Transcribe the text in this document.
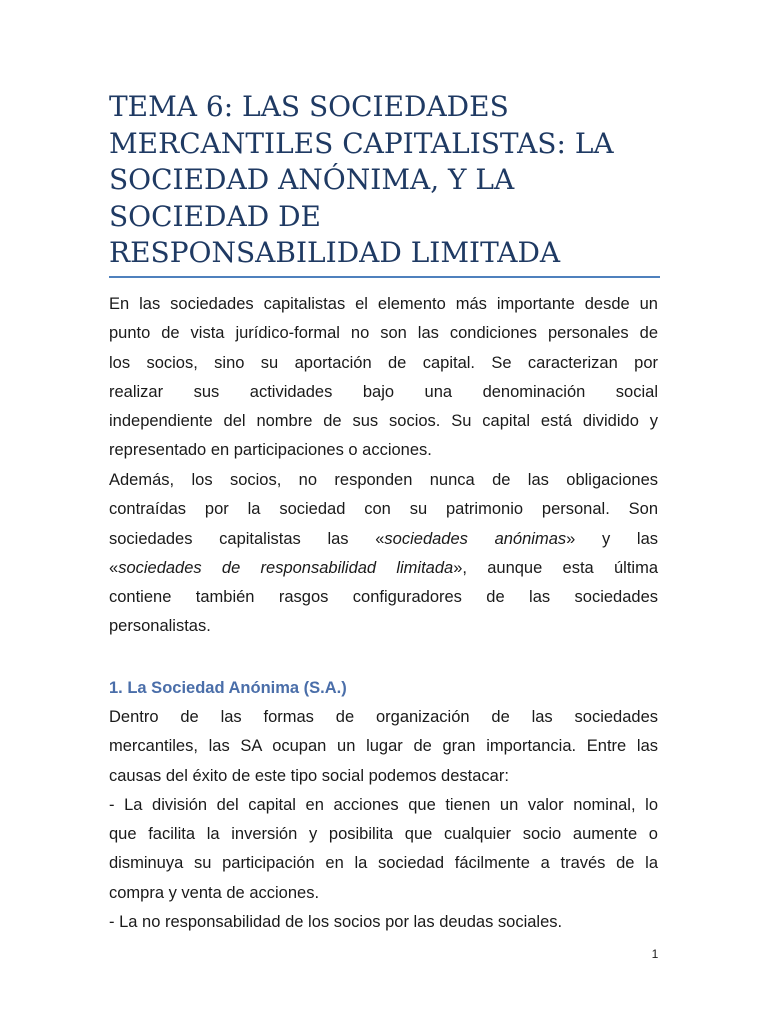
TEMA 6: LAS SOCIEDADES
MERCANTILES CAPITALISTAS: LA
SOCIEDAD ANÓNIMA, Y LA
SOCIEDAD DE
RESPONSABILIDAD LIMITADA
En las sociedades capitalistas el elemento más importante desde un
punto de vista jurídico-formal no son las condiciones personales de
los socios, sino su aportación de capital. Se caracterizan por
realizar sus actividades bajo una denominación social
independiente del nombre de sus socios. Su capital está dividido y
representado en participaciones o acciones.
Además, los socios, no responden nunca de las obligaciones
contraídas por la sociedad con su patrimonio personal. Son
sociedades capitalistas las «sociedades anónimas» y las
«sociedades de responsabilidad limitada», aunque esta última
contiene también rasgos configuradores de las sociedades
personalistas.
1. La Sociedad Anónima (S.A.)
Dentro de las formas de organización de las sociedades
mercantiles, las SA ocupan un lugar de gran importancia. Entre las
causas del éxito de este tipo social podemos destacar:
- La división del capital en acciones que tienen un valor nominal, lo
que facilita la inversión y posibilita que cualquier socio aumente o
disminuya su participación en la sociedad fácilmente a través de la
compra y venta de acciones.
- La no responsabilidad de los socios por las deudas sociales.
1
